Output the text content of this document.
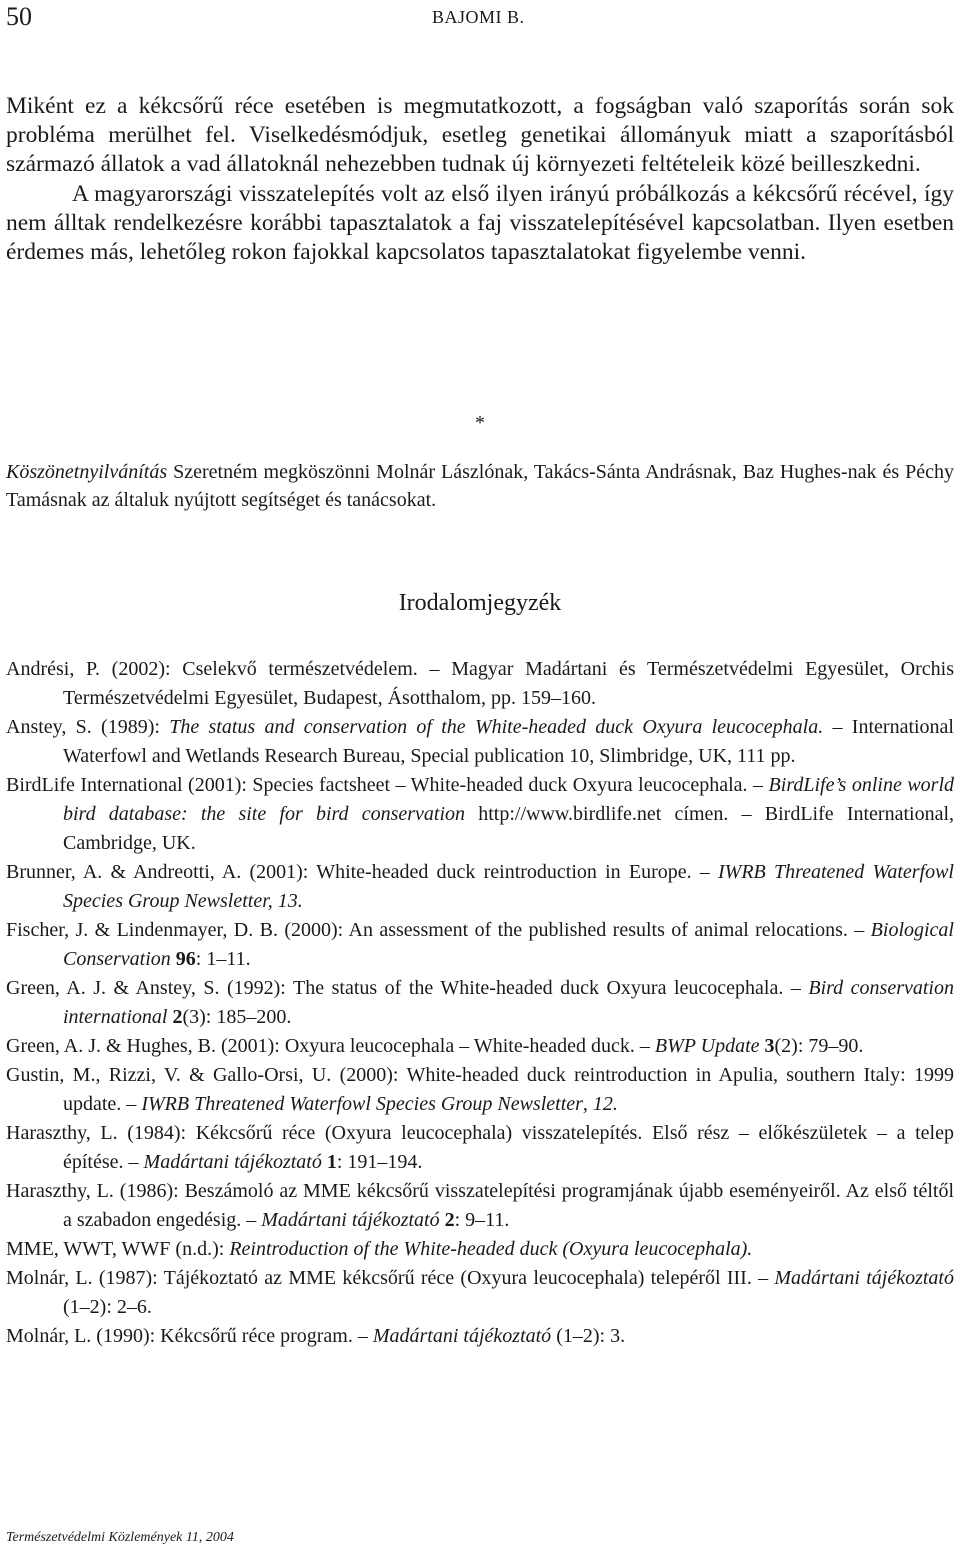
50	BAJOMI B.

Miként ez a kékcsőrű réce esetében is megmutatkozott, a fogságban való szaporítás során sok probléma merülhet fel. Viselkedésmódjuk, esetleg genetikai állományuk miatt a szaporításból származó állatok a vad állatoknál nehezebben tudnak új környezeti feltételeik közé beilleszkedni.

A magyarországi visszatelepítés volt az első ilyen irányú próbálkozás a kékcsőrű récével, így nem álltak rendelkezésre korábbi tapasztalatok a faj visszatelepítésével kapcsolatban. Ilyen esetben érdemes más, lehetőleg rokon fajokkal kapcsolatos tapasztalatokat figyelembe venni.

*
Köszönetnyilvánítás Szeretném megköszönni Molnár Lászlónak, Takács-Sánta Andrásnak, Baz Hughes-nak és Péchy Tamásnak az általuk nyújtott segítséget és tanácsokat.
Irodalomjegyzék

Andrési, P. (2002): Cselekvő természetvédelem. – Magyar Madártani és Természetvédelmi Egyesület, Orchis Természetvédelmi Egyesület, Budapest, Ásotthalom, pp. 159–160.

Anstey, S. (1989): The status and conservation of the White-headed duck Oxyura leucocephala. – International Waterfowl and Wetlands Research Bureau, Special publication 10, Slimbridge, UK, 111 pp.

BirdLife International (2001): Species factsheet – White-headed duck Oxyura leucocephala. – BirdLife’s online world bird database: the site for bird conservation http://www.birdlife.net címen. – BirdLife International, Cambridge, UK.

Brunner, A. & Andreotti, A. (2001): White-headed duck reintroduction in Europe. – IWRB Threatened Waterfowl Species Group Newsletter, 13.

Fischer, J. & Lindenmayer, D. B. (2000): An assessment of the published results of animal relocations. – Biological Conservation 96: 1–11.

Green, A. J. & Anstey, S. (1992): The status of the White-headed duck Oxyura leucocephala. – Bird conservation international 2(3): 185–200.

Green, A. J. & Hughes, B. (2001): Oxyura leucocephala – White-headed duck. – BWP Update 3(2): 79–90.

Gustin, M., Rizzi, V. & Gallo-Orsi, U. (2000): White-headed duck reintroduction in Apulia, southern Italy: 1999 update. – IWRB Threatened Waterfowl Species Group Newsletter, 12.

Haraszthy, L. (1984): Kékcsőrű réce (Oxyura leucocephala) visszatelepítés. Első rész – előkészületek – a telep építése. – Madártani tájékoztató 1: 191–194.

Haraszthy, L. (1986): Beszámoló az MME kékcsőrű visszatelepítési programjának újabb eseményeiről. Az első téltől a szabadon engedésig. – Madártani tájékoztató 2: 9–11.

MME, WWT, WWF (n.d.): Reintroduction of the White-headed duck (Oxyura leucocephala).

Molnár, L. (1987): Tájékoztató az MME kékcsőrű réce (Oxyura leucocephala) telepéről III. – Madártani tájékoztató (1–2): 2–6.

Molnár, L. (1990): Kékcsőrű réce program. – Madártani tájékoztató (1–2): 3.

Természetvédelmi Közlemények 11, 2004
